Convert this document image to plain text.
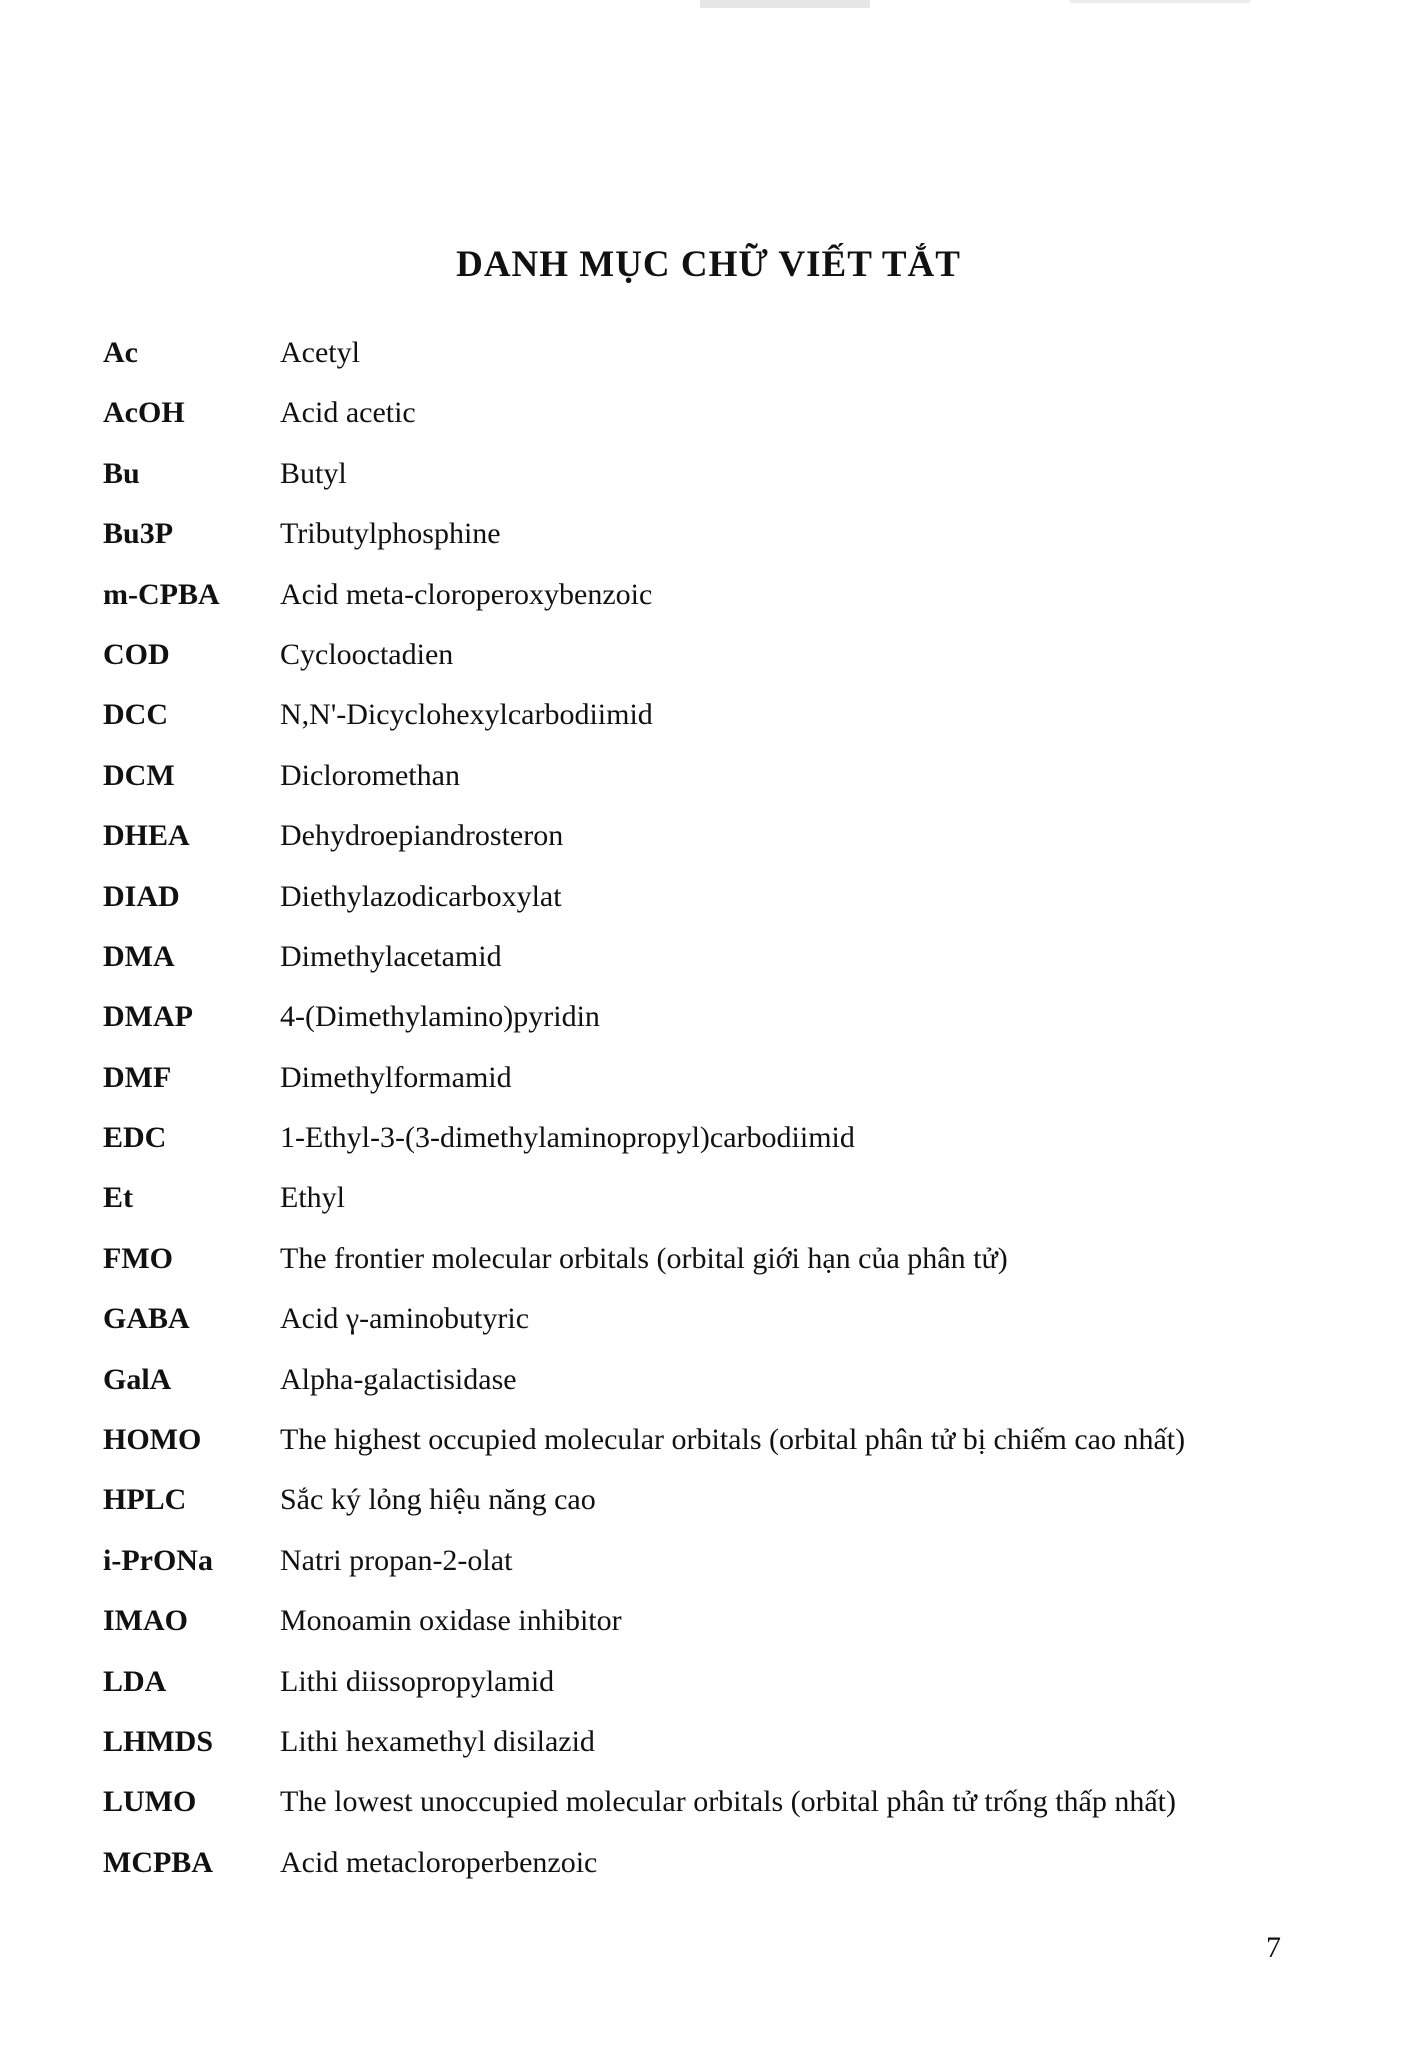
DANH MỤC CHỮ VIẾT TẮT
Ac	Acetyl
AcOH	Acid acetic
Bu	Butyl
Bu3P	Tributylphosphine
m-CPBA	Acid meta-cloroperoxybenzoic
COD	Cyclooctadien
DCC	N,N'-Dicyclohexylcarbodiimid
DCM	Dicloromethan
DHEA	Dehydroepiandrosteron
DIAD	Diethylazodicarboxylat
DMA	Dimethylacetamid
DMAP	4-(Dimethylamino)pyridin
DMF	Dimethylformamid
EDC	1-Ethyl-3-(3-dimethylaminopropyl)carbodiimid
Et	Ethyl
FMO	The frontier molecular orbitals (orbital giới hạn của phân tử)
GABA	Acid γ-aminobutyric
GalA	Alpha-galactisidase
HOMO	The highest occupied molecular orbitals (orbital phân tử bị chiếm cao nhất)
HPLC	Sắc ký lỏng hiệu năng cao
i-PrONa	Natri propan-2-olat
IMAO	Monoamin oxidase inhibitor
LDA	Lithi diissopropylamid
LHMDS	Lithi hexamethyl disilazid
LUMO	The lowest unoccupied molecular orbitals (orbital phân tử trống thấp nhất)
MCPBA	Acid metacloroperbenzoic
7
